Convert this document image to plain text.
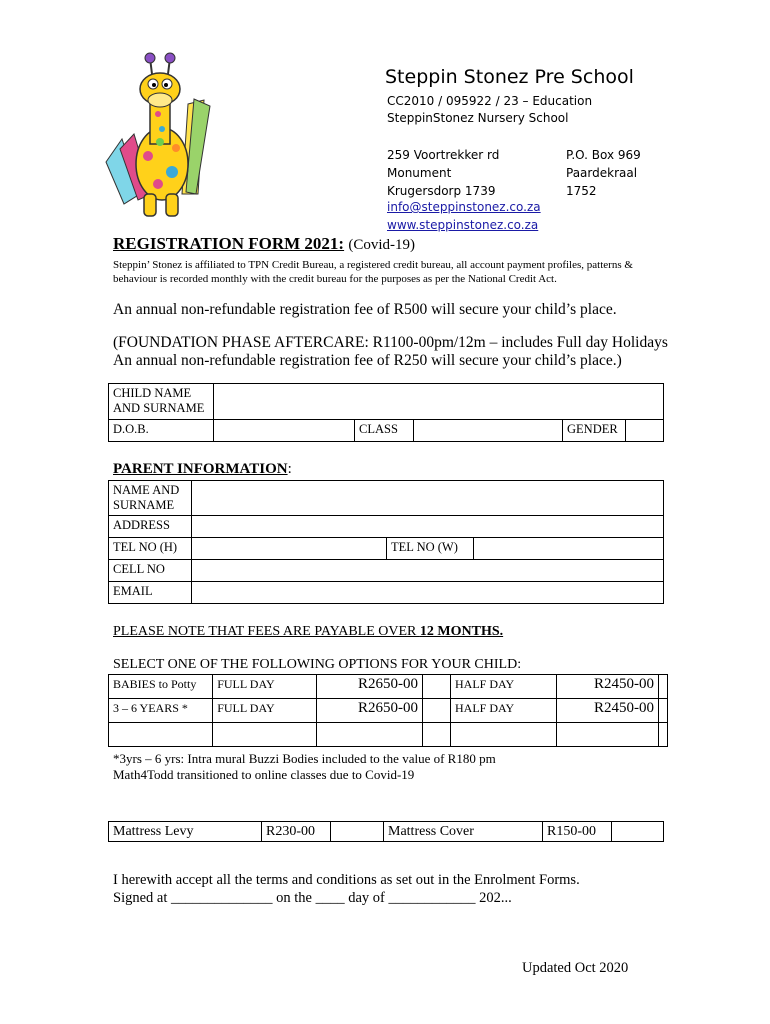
Steppin Stonez Pre School
CC2010 / 095922 / 23 – Education
SteppinStonez Nursery School
259 Voortrekker rd
Monument
Krugersdorp 1739
P.O. Box 969
Paardekraal
1752
info@steppinstonez.co.za
www.steppinstonez.co.za
REGISTRATION FORM 2021: (Covid-19)
Steppin’ Stonez is affiliated to TPN Credit Bureau, a registered credit bureau, all account payment profiles, patterns & behaviour is recorded monthly with the credit bureau for the purposes as per the National Credit Act.
An annual non-refundable registration fee of R500 will secure your child’s place.
(FOUNDATION PHASE AFTERCARE: R1100-00pm/12m – includes Full day Holidays
An annual non-refundable registration fee of R250 will secure your child’s place.)
CHILD NAME AND SURNAME					
D.O.B.		CLASS		GENDER	
PARENT INFORMATION:
NAME AND SURNAME			
ADDRESS			
TEL NO (H)		TEL NO (W)	
CELL NO			
EMAIL			
PLEASE NOTE THAT FEES ARE PAYABLE OVER 12 MONTHS.
SELECT ONE OF THE FOLLOWING OPTIONS FOR YOUR CHILD:
BABIES to Potty	FULL DAY	R2650-00		HALF DAY	R2450-00	
3 – 6 YEARS *	FULL DAY	R2650-00		HALF DAY	R2450-00	

*3yrs – 6 yrs: Intra mural Buzzi Bodies included to the value of R180 pm
Math4Todd transitioned to online classes due to Covid-19
Mattress Levy	R230-00		Mattress Cover	R150-00	
I herewith accept all the terms and conditions as set out in the Enrolment Forms.
Signed at ______________ on the ____ day of ____________ 202...
Updated Oct 2020
